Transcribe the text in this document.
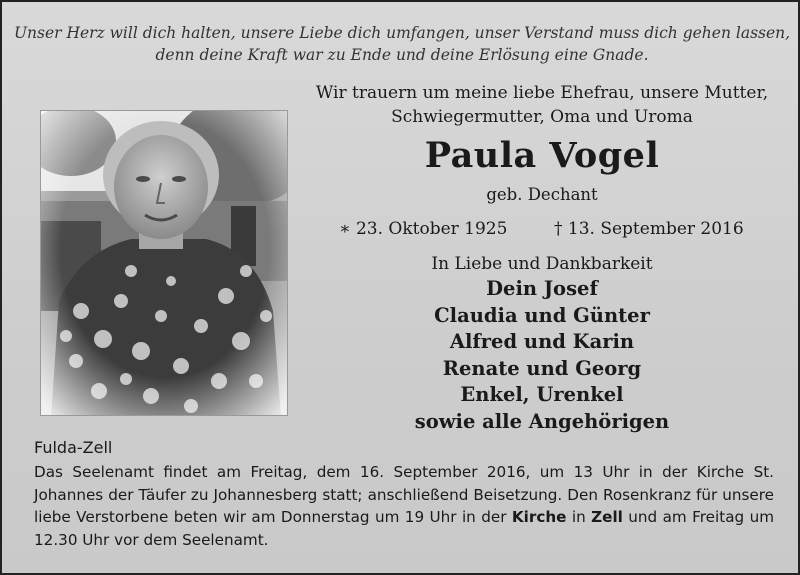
Unser Herz will dich halten, unsere Liebe dich umfangen, unser Verstand muss dich gehen lassen,
denn deine Kraft war zu Ende und deine Erlösung eine Gnade.
Wir trauern um meine liebe Ehefrau, unsere Mutter,
Schwiegermutter, Oma und Uroma
Paula Vogel
geb. Dechant
∗ 23. Oktober 1925	† 13. September 2016
In Liebe und Dankbarkeit
Dein Josef
Claudia und Günter
Alfred und Karin
Renate und Georg
Enkel, Urenkel
sowie alle Angehörigen
Fulda-Zell
Das Seelenamt findet am Freitag, dem 16. September 2016, um 13 Uhr in der Kirche St. Johannes der Täufer zu Johannesberg statt; anschließend Beisetzung. Den Rosenkranz für unsere liebe Verstorbene beten wir am Donnerstag um 19 Uhr in der Kirche in Zell und am Freitag um 12.30 Uhr vor dem Seelenamt.
